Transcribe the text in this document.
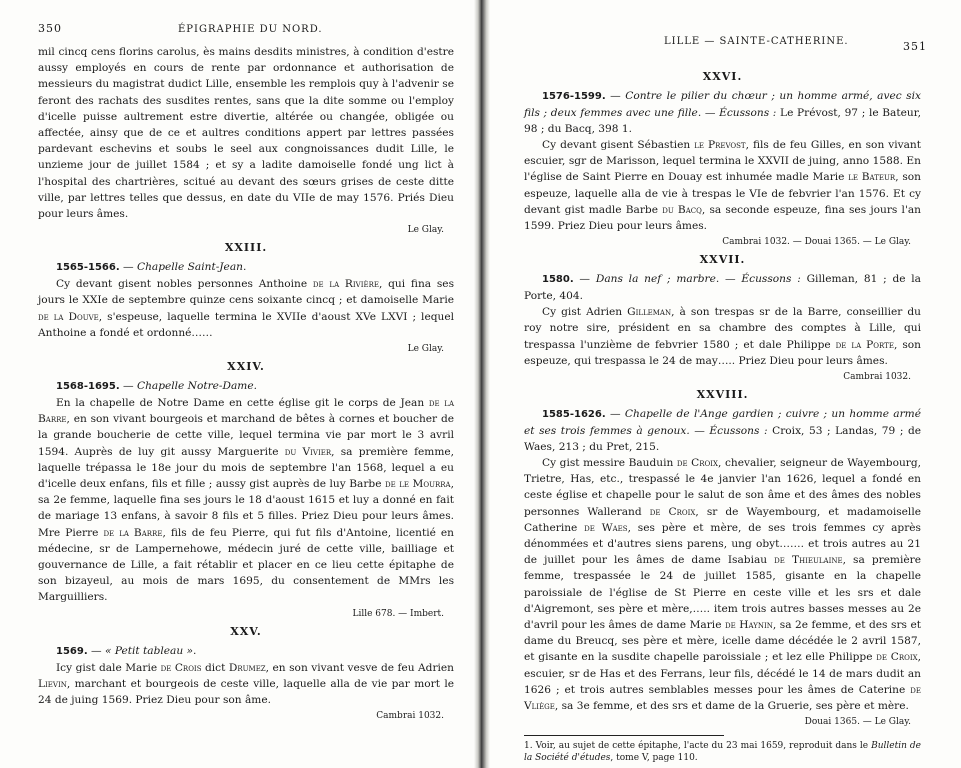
350	ÉPIGRAPHIE DU NORD.

mil cincq cens florins carolus, ès mains desdits ministres, à condition d'estre aussy employés en cours de rente par ordonnance et authorisation de messieurs du magistrat dudict Lille, ensemble les remplois quy à l'advenir se feront des rachats des susdites rentes, sans que la dite somme ou l'employ d'icelle puisse aultrement estre divertie, altérée ou changée, obligée ou affectée, ainsy que de ce et aultres conditions appert par lettres passées pardevant eschevins et soubs le seel aux congnoissances dudit Lille, le unzieme jour de juillet 1584 ; et sy a ladite damoiselle fondé ung lict à l'hospital des chartrières, scitué au devant des sœurs grises de ceste ditte ville, par lettres telles que dessus, en date du VIIe de may 1576. Priés Dieu pour leurs âmes.

Le Glay.
XXIII.

1565-1566. — Chapelle Saint-Jean.

Cy devant gisent nobles personnes Anthoine de la Rivière, qui fina ses jours le XXIe de septembre quinze cens soixante cincq ; et damoiselle Marie de la Douve, s'espeuse, laquelle termina le XVIIe d'aoust XVe LXVI ; lequel Anthoine a fondé et ordonné……

Le Glay.
XXIV.

1568-1695. — Chapelle Notre-Dame.

En la chapelle de Notre Dame en cette église git le corps de Jean de la Barre, en son vivant bourgeois et marchand de bêtes à cornes et boucher de la grande boucherie de cette ville, lequel termina vie par mort le 3 avril 1594. Auprès de luy git aussy Marguerite du Vivier, sa première femme, laquelle trépassa le 18e jour du mois de septembre l'an 1568, lequel a eu d'icelle deux enfans, fils et fille ; aussy gist auprès de luy Barbe de le Mourra, sa 2e femme, laquelle fina ses jours le 18 d'aoust 1615 et luy a donné en fait de mariage 13 enfans, à savoir 8 fils et 5 filles. Priez Dieu pour leurs âmes. Mre Pierre de la Barre, fils de feu Pierre, qui fut fils d'Antoine, licentié en médecine, sr de Lampernehowe, médecin juré de cette ville, bailliage et gouvernance de Lille, a fait rétablir et placer en ce lieu cette épitaphe de son bizayeul, au mois de mars 1695, du consentement de MMrs les Marguilliers.

Lille 678. — Imbert.
XXV.

1569. — « Petit tableau ».

Icy gist dale Marie de Crois dict Drumez, en son vivant vesve de feu Adrien Lievin, marchant et bourgeois de ceste ville, laquelle alla de vie par mort le 24 de juing 1569. Priez Dieu pour son âme.

Cambrai 1032.
LILLE — SAINTE-CATHERINE.	351
XXVI.

1576-1599. — Contre le pilier du chœur ; un homme armé, avec six fils ; deux femmes avec une fille. — Écussons : Le Prévost, 97 ; le Bateur, 98 ; du Bacq, 398 1.

Cy devant gisent Sébastien le Prevost, fils de feu Gilles, en son vivant escuier, sgr de Marisson, lequel termina le XXVII de juing, anno 1588. En l'église de Saint Pierre en Douay est inhumée madle Marie le Bateur, son espeuze, laquelle alla de vie à trespas le VIe de febvrier l'an 1576. Et cy devant gist madle Barbe du Bacq, sa seconde espeuze, fina ses jours l'an 1599. Priez Dieu pour leurs âmes.

Cambrai 1032. — Douai 1365. — Le Glay.
XXVII.

1580. — Dans la nef ; marbre. — Écussons : Gilleman, 81 ; de la Porte, 404.

Cy gist Adrien Gilleman, à son trespas sr de la Barre, conseillier du roy notre sire, président en sa chambre des comptes à Lille, qui trespassa l'unzième de febvrier 1580 ; et dale Philippe de la Porte, son espeuze, qui trespassa le 24 de may….. Priez Dieu pour leurs âmes.

Cambrai 1032.
XXVIII.

1585-1626. — Chapelle de l'Ange gardien ; cuivre ; un homme armé et ses trois femmes à genoux. — Écussons : Croix, 53 ; Landas, 79 ; de Waes, 213 ; du Pret, 215.

Cy gist messire Bauduin de Croix, chevalier, seigneur de Wayembourg, Trietre, Has, etc., trespassé le 4e janvier l'an 1626, lequel a fondé en ceste église et chapelle pour le salut de son âme et des âmes des nobles personnes Wallerand de Croix, sr de Wayembourg, et madamoiselle Catherine de Waes, ses père et mère, de ses trois femmes cy après dénommées et d'autres siens parens, ung obyt……. et trois autres au 21 de juillet pour les âmes de dame Isabiau de Thieulaine, sa première femme, trespassée le 24 de juillet 1585, gisante en la chapelle paroissiale de l'église de St Pierre en ceste ville et les srs et dale d'Aigremont, ses père et mère,….. item trois autres basses messes au 2e d'avril pour les âmes de dame Marie de Haynin, sa 2e femme, et des srs et dame du Breucq, ses père et mère, icelle dame décédée le 2 avril 1587, et gisante en la susdite chapelle paroissiale ; et lez elle Philippe de Croix, escuier, sr de Has et des Ferrans, leur fils, décédé le 14 de mars dudit an 1626 ; et trois autres semblables messes pour les âmes de Caterine de Vliège, sa 3e femme, et des srs et dame de la Gruerie, ses père et mère.

Douai 1365. — Le Glay.
1. Voir, au sujet de cette épitaphe, l'acte du 23 mai 1659, reproduit dans le Bulletin de la Société d'études, tome V, page 110.
